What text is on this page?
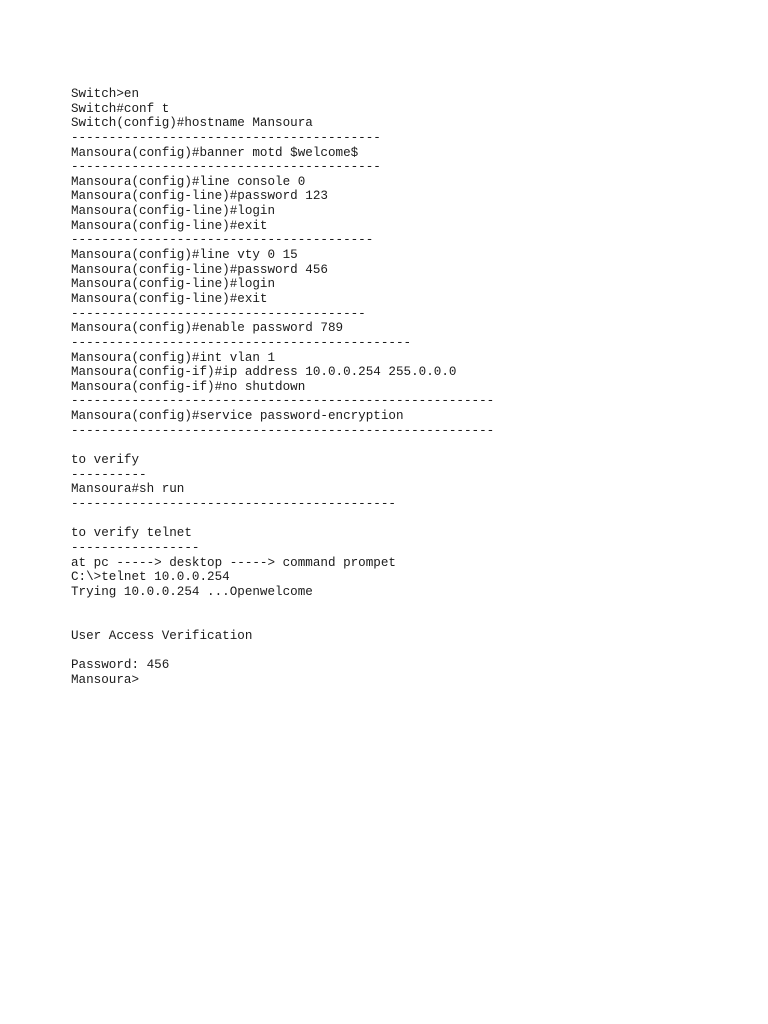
Switch>en
Switch#conf t
Switch(config)#hostname Mansoura
-----------------------------------------
Mansoura(config)#banner motd $welcome$
-----------------------------------------
Mansoura(config)#line console 0
Mansoura(config-line)#password 123
Mansoura(config-line)#login
Mansoura(config-line)#exit
----------------------------------------
Mansoura(config)#line vty 0 15
Mansoura(config-line)#password 456
Mansoura(config-line)#login
Mansoura(config-line)#exit
---------------------------------------
Mansoura(config)#enable password 789
---------------------------------------------
Mansoura(config)#int vlan 1
Mansoura(config-if)#ip address 10.0.0.254 255.0.0.0
Mansoura(config-if)#no shutdown
--------------------------------------------------------
Mansoura(config)#service password-encryption
--------------------------------------------------------
to verify
----------
Mansoura#sh run
-------------------------------------------
to verify telnet
-----------------
at pc -----> desktop -----> command prompet
C:\>telnet 10.0.0.254
Trying 10.0.0.254 ...Openwelcome
User Access Verification
Password: 456
Mansoura>
